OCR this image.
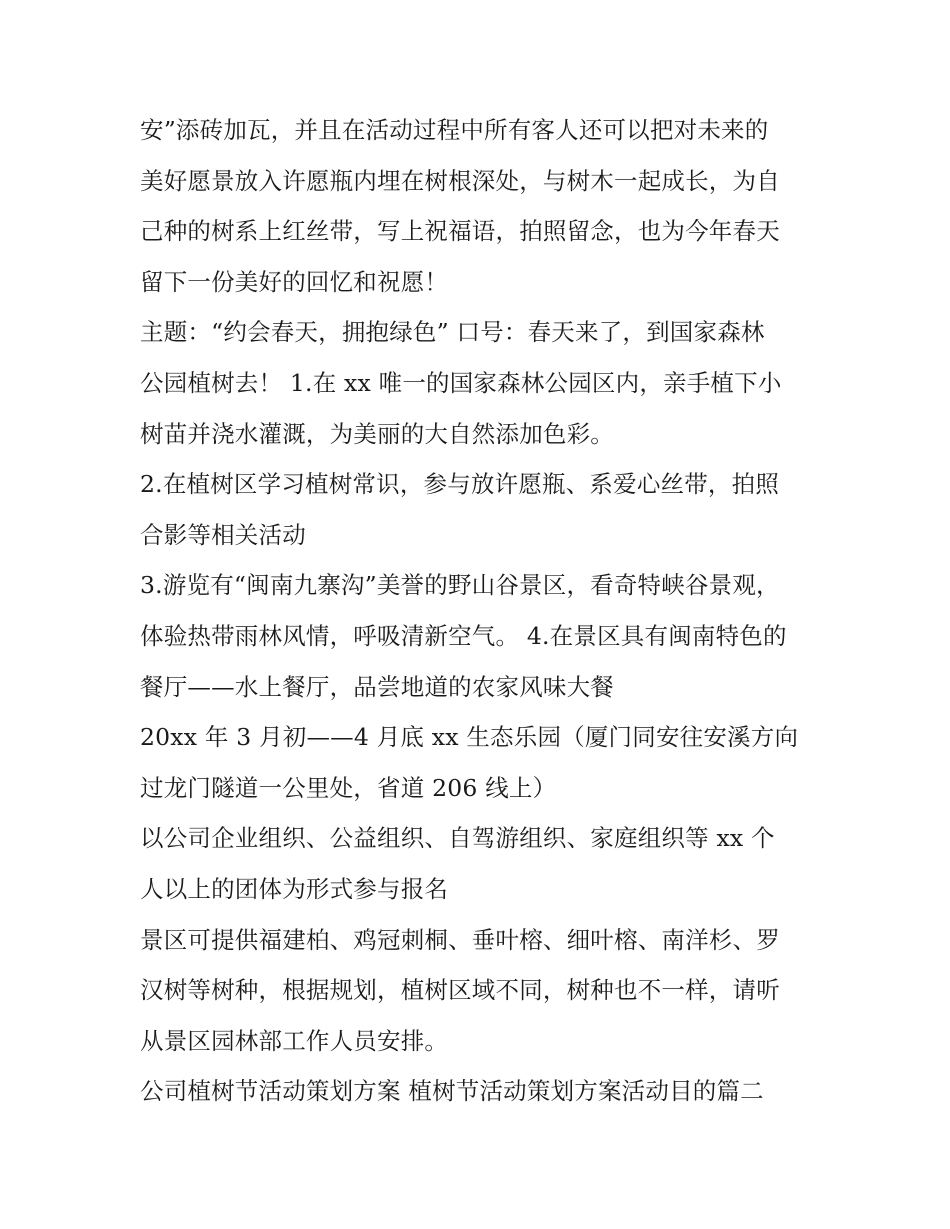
安”添砖加瓦，并且在活动过程中所有客人还可以把对未来的
美好愿景放入许愿瓶内埋在树根深处，与树木一起成长，为自
己种的树系上红丝带，写上祝福语，拍照留念，也为今年春天
留下一份美好的回忆和祝愿！
主题：“约会春天，拥抱绿色” 口号：春天来了，到国家森林
公园植树去！ 1.在 xx 唯一的国家森林公园区内，亲手植下小
树苗并浇水灌溉，为美丽的大自然添加色彩。
2.在植树区学习植树常识，参与放许愿瓶、系爱心丝带，拍照
合影等相关活动
3.游览有“闽南九寨沟”美誉的野山谷景区，看奇特峡谷景观，
体验热带雨林风情，呼吸清新空气。 4.在景区具有闽南特色的
餐厅——水上餐厅，品尝地道的农家风味大餐
20xx 年 3 月初——4 月底 xx 生态乐园（厦门同安往安溪方向
过龙门隧道一公里处，省道 206 线上）
以公司企业组织、公益组织、自驾游组织、家庭组织等 xx 个
人以上的团体为形式参与报名
景区可提供福建柏、鸡冠刺桐、垂叶榕、细叶榕、南洋杉、罗
汉树等树种，根据规划，植树区域不同，树种也不一样，请听
从景区园林部工作人员安排。
公司植树节活动策划方案 植树节活动策划方案活动目的篇二
